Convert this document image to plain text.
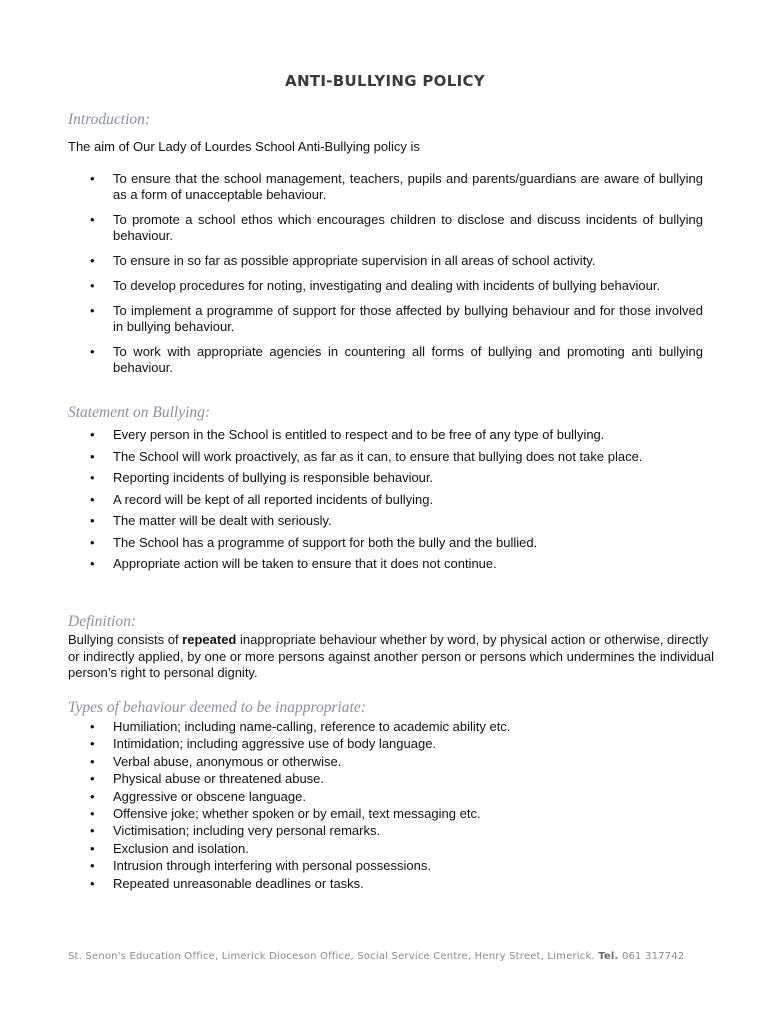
ANTI-BULLYING POLICY
Introduction:

The aim of Our Lady of Lourdes School Anti-Bullying policy is

• To ensure that the school management, teachers, pupils and parents/guardians are aware of bullying as a form of unacceptable behaviour.
• To promote a school ethos which encourages children to disclose and discuss incidents of bullying behaviour.
• To ensure in so far as possible appropriate supervision in all areas of school activity.
• To develop procedures for noting, investigating and dealing with incidents of bullying behaviour.
• To implement a programme of support for those affected by bullying behaviour and for those involved in bullying behaviour.
• To work with appropriate agencies in countering all forms of bullying and promoting anti bullying behaviour.
Statement on Bullying:
• Every person in the School is entitled to respect and to be free of any type of bullying.
• The School will work proactively, as far as it can, to ensure that bullying does not take place.
• Reporting incidents of bullying is responsible behaviour.
• A record will be kept of all reported incidents of bullying.
• The matter will be dealt with seriously.
• The School has a programme of support for both the bully and the bullied.
• Appropriate action will be taken to ensure that it does not continue.
Definition:

Bullying consists of repeated inappropriate behaviour whether by word, by physical action or otherwise, directly or indirectly applied, by one or more persons against another person or persons which undermines the individual person’s right to personal dignity.

Types of behaviour deemed to be inappropriate:
• Humiliation; including name-calling, reference to academic ability etc.
• Intimidation; including aggressive use of body language.
• Verbal abuse, anonymous or otherwise.
• Physical abuse or threatened abuse.
• Aggressive or obscene language.
• Offensive joke; whether spoken or by email, text messaging etc.
• Victimisation; including very personal remarks.
• Exclusion and isolation.
• Intrusion through interfering with personal possessions.
• Repeated unreasonable deadlines or tasks.

St. Senon's Education Office, Limerick Dioceson Office, Social Service Centre, Henry Street, Limerick. Tel. 061 317742
